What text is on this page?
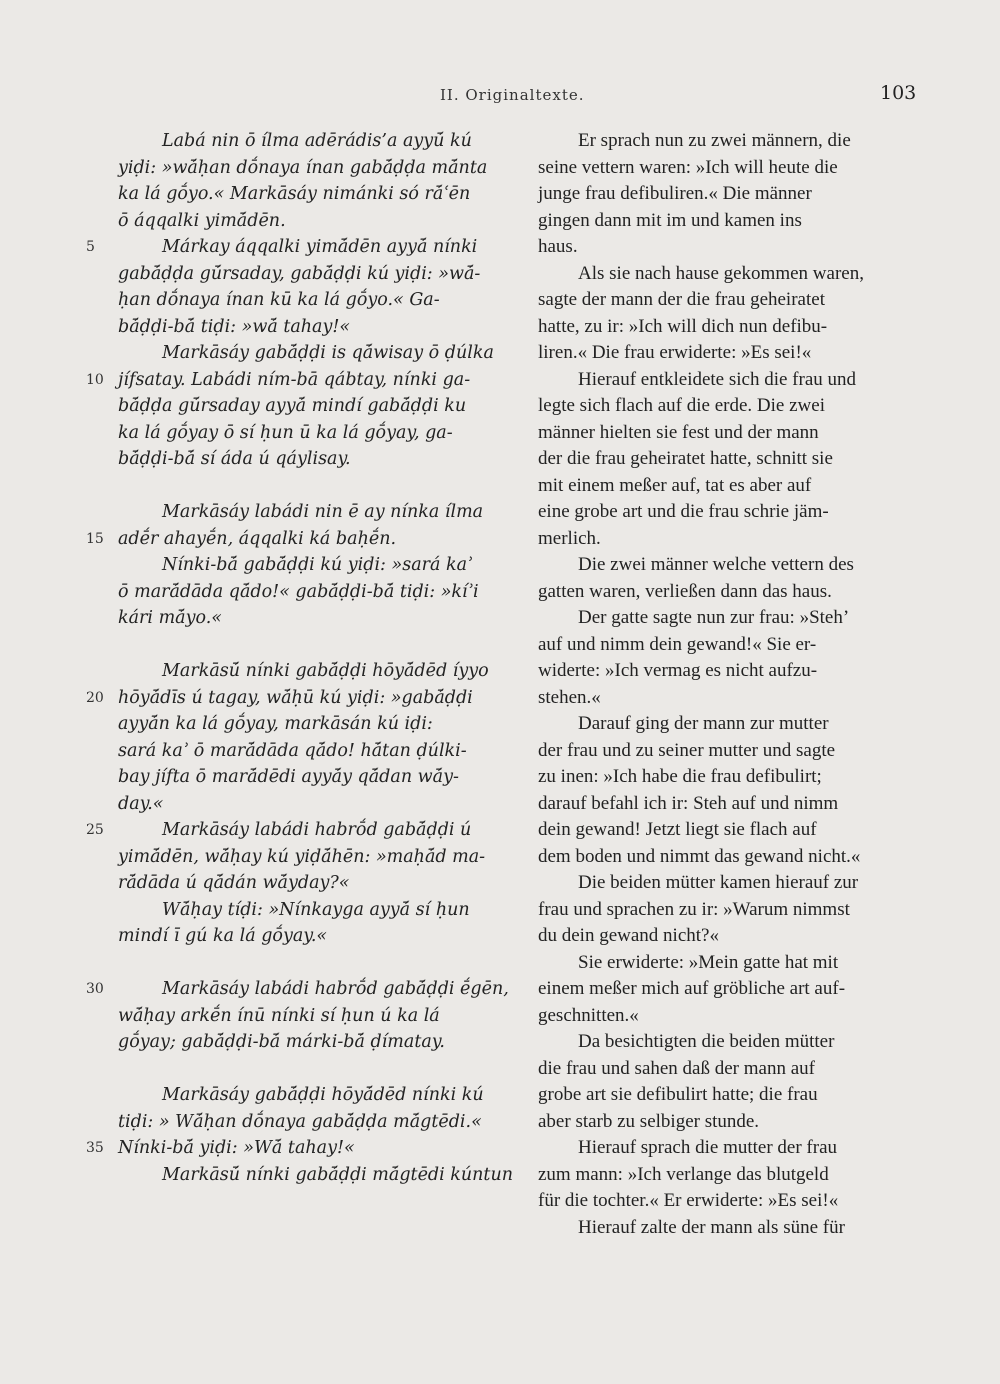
II. Originaltexte.	103
Labá nin ō ílma adērádis’a ayyū́ kú
yiḍi: »wā́ḥan dṓnaya ínan gabā́ḍḍa mā́nta
ka lá gṓyo.« Markāsáy nimánki só rā́ʿēn
ō áqqalki yimā́dēn.
5	Márkay áqqalki yimā́dēn ayyā́ nínki
gabā́ḍḍa gū́rsaday, gabā́ḍḍi kú yiḍi: »wā́-
ḥan dṓnaya ínan kū ka lá gṓyo.« Ga-
bā́ḍḍi-bā́ tiḍi: »wā́ tahay!«
Markāsáy gabā́ḍḍi is qā́wisay ō ḍúlka
10 jífsatay. Labádi ním-bā qábtay, nínki ga-
bā́ḍḍa gū́rsaday ayyā́ mindí gabā́ḍḍi ku
ka lá gṓyay ō sí ḥun ū ka lá gṓyay, ga-
bā́ḍḍi-bā́ sí áda ú qáylisay.
Markāsáy labádi nin ē ay nínka ílma
15 adḗr ahayḗn, áqqalki ká baḥḗn.
Nínki-bā́ gabā́ḍḍi kú yiḍi: »sará kaʾ
ō marā́dāda qā́do!« gabā́ḍḍi-bā́ tiḍi: »kíʾi
kári mā́yo.«
Markāsū́ nínki gabā́ḍḍi hōyā́dēd íyyo
20 hōyā́dīs ú tagay, wā́ḥū kú yiḍi: »gabā́ḍḍi
ayyā́n ka lá gṓyay, markāsán kú iḍi:
sará kaʾ ō marā́dāda qā́do! hā́tan ḍúlki-
bay jífta ō marā́dēdi ayyā́y qā́dan wā́y-
day.«
25	Markāsáy labádi habrṓd gabā́ḍḍi ú
yimā́dēn, wā́ḥay kú yiḍā́hēn: »maḥā́d ma-
rā́dāda ú qā́dán wā́yday?«
Wā́ḥay tíḍi: »Nínkayga ayyā́ sí ḥun
mindí ī gú ka lá gṓyay.«
30	Markāsáy labádi habrṓd gabā́ḍḍi ḗgēn,
wā́ḥay arkḗn ínū nínki sí ḥun ú ka lá
gṓyay; gabā́ḍḍi-bā́ márki-bā́ ḍímatay.
Markāsáy gabā́ḍḍi hōyā́dēd nínki kú
tiḍi: » Wā́ḥan dṓnaya gabā́ḍḍa mā́gtēdi.«
35 Nínki-bā́ yiḍi: »Wā́ tahay!«
Markāsū́ nínki gabā́ḍḍi mā́gtēdi kúntun
Er sprach nun zu zwei männern, die
seine vettern waren: »Ich will heute die
junge frau defibuliren.« Die männer
gingen dann mit im und kamen ins
haus.
Als sie nach hause gekommen waren,
sagte der mann der die frau geheiratet
hatte, zu ir: »Ich will dich nun defibu-
liren.« Die frau erwiderte: »Es sei!«
Hierauf entkleidete sich die frau und
legte sich flach auf die erde. Die zwei
männer hielten sie fest und der mann
der die frau geheiratet hatte, schnitt sie
mit einem meßer auf, tat es aber auf
eine grobe art und die frau schrie jäm-
merlich.
Die zwei männer welche vettern des
gatten waren, verließen dann das haus.
Der gatte sagte nun zur frau: »Steh’
auf und nimm dein gewand!« Sie er-
widerte: »Ich vermag es nicht aufzu-
stehen.«
Darauf ging der mann zur mutter
der frau und zu seiner mutter und sagte
zu inen: »Ich habe die frau defibulirt;
darauf befahl ich ir: Steh auf und nimm
dein gewand! Jetzt liegt sie flach auf
dem boden und nimmt das gewand nicht.«
Die beiden mütter kamen hierauf zur
frau und sprachen zu ir: »Warum nimmst
du dein gewand nicht?«
Sie erwiderte: »Mein gatte hat mit
einem meßer mich auf gröbliche art auf-
geschnitten.«
Da besichtigten die beiden mütter
die frau und sahen daß der mann auf
grobe art sie defibulirt hatte; die frau
aber starb zu selbiger stunde.
Hierauf sprach die mutter der frau
zum mann: »Ich verlange das blutgeld
für die tochter.« Er erwiderte: »Es sei!«
Hierauf zalte der mann als süne für
